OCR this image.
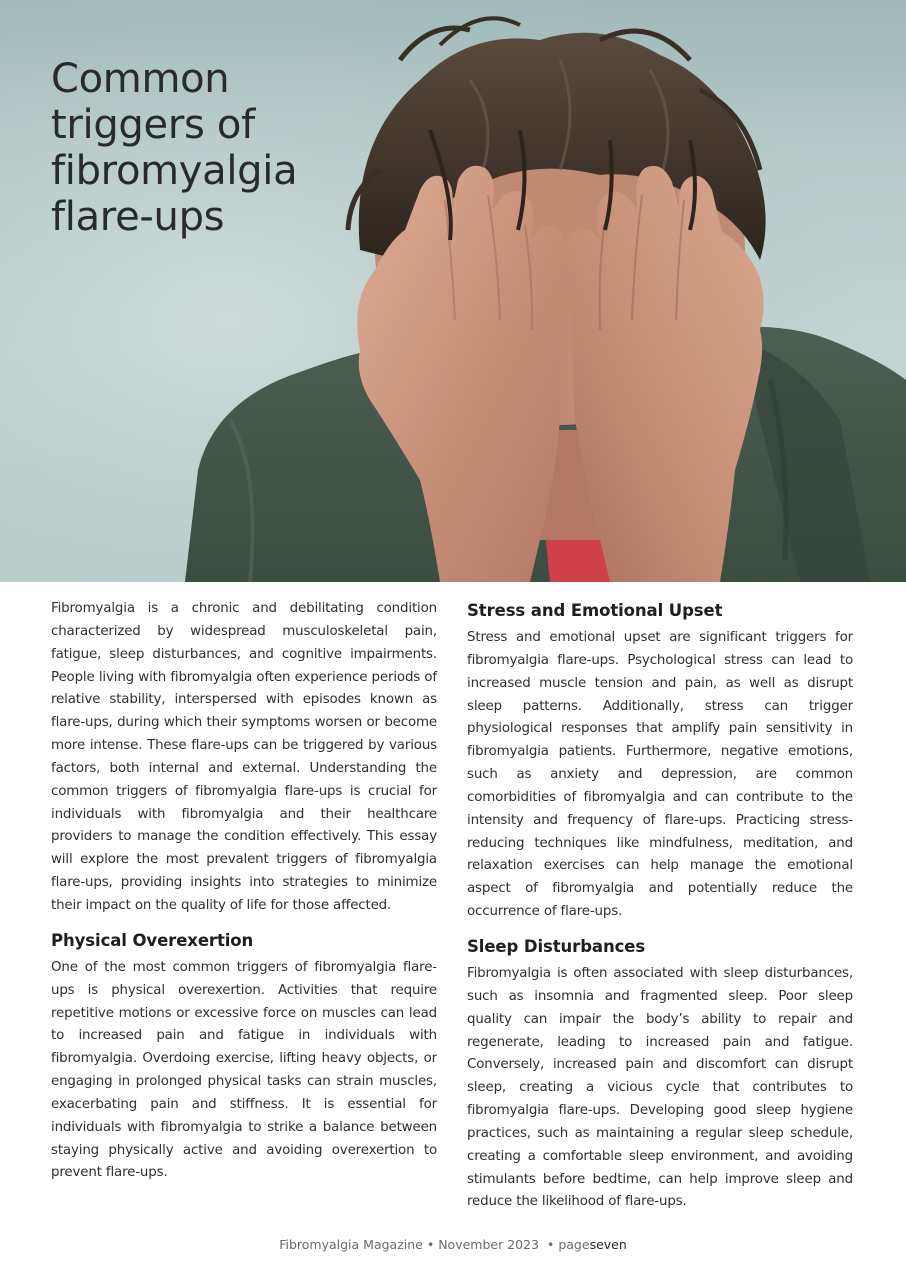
Common triggers of fibromyalgia flare-ups

Fibromyalgia is a chronic and debilitating condition characterized by widespread musculoskeletal pain, fatigue, sleep disturbances, and cognitive impairments. People living with fibromyalgia often experience periods of relative stability, interspersed with episodes known as flare-ups, during which their symptoms worsen or become more intense. These flare-ups can be triggered by various factors, both internal and external. Understanding the common triggers of fibromyalgia flare-ups is crucial for individuals with fibromyalgia and their healthcare providers to manage the condition effectively. This essay will explore the most prevalent triggers of fibromyalgia flare-ups, providing insights into strategies to minimize their impact on the quality of life for those affected.

Physical Overexertion

One of the most common triggers of fibromyalgia flare-ups is physical overexertion. Activities that require repetitive motions or excessive force on muscles can lead to increased pain and fatigue in individuals with fibromyalgia. Overdoing exercise, lifting heavy objects, or engaging in prolonged physical tasks can strain muscles, exacerbating pain and stiffness. It is essential for individuals with fibromyalgia to strike a balance between staying physically active and avoiding overexertion to prevent flare-ups.

Stress and Emotional Upset

Stress and emotional upset are significant triggers for fibromyalgia flare-ups. Psychological stress can lead to increased muscle tension and pain, as well as disrupt sleep patterns. Additionally, stress can trigger physiological responses that amplify pain sensitivity in fibromyalgia patients. Furthermore, negative emotions, such as anxiety and depression, are common comorbidities of fibromyalgia and can contribute to the intensity and frequency of flare-ups. Practicing stress-reducing techniques like mindfulness, meditation, and relaxation exercises can help manage the emotional aspect of fibromyalgia and potentially reduce the occurrence of flare-ups.

Sleep Disturbances

Fibromyalgia is often associated with sleep disturbances, such as insomnia and fragmented sleep. Poor sleep quality can impair the body’s ability to repair and regenerate, leading to increased pain and fatigue. Conversely, increased pain and discomfort can disrupt sleep, creating a vicious cycle that contributes to fibromyalgia flare-ups. Developing good sleep hygiene practices, such as maintaining a regular sleep schedule, creating a comfortable sleep environment, and avoiding stimulants before bedtime, can help improve sleep and reduce the likelihood of flare-ups.

Fibromyalgia Magazine • November 2023 • pageseven
